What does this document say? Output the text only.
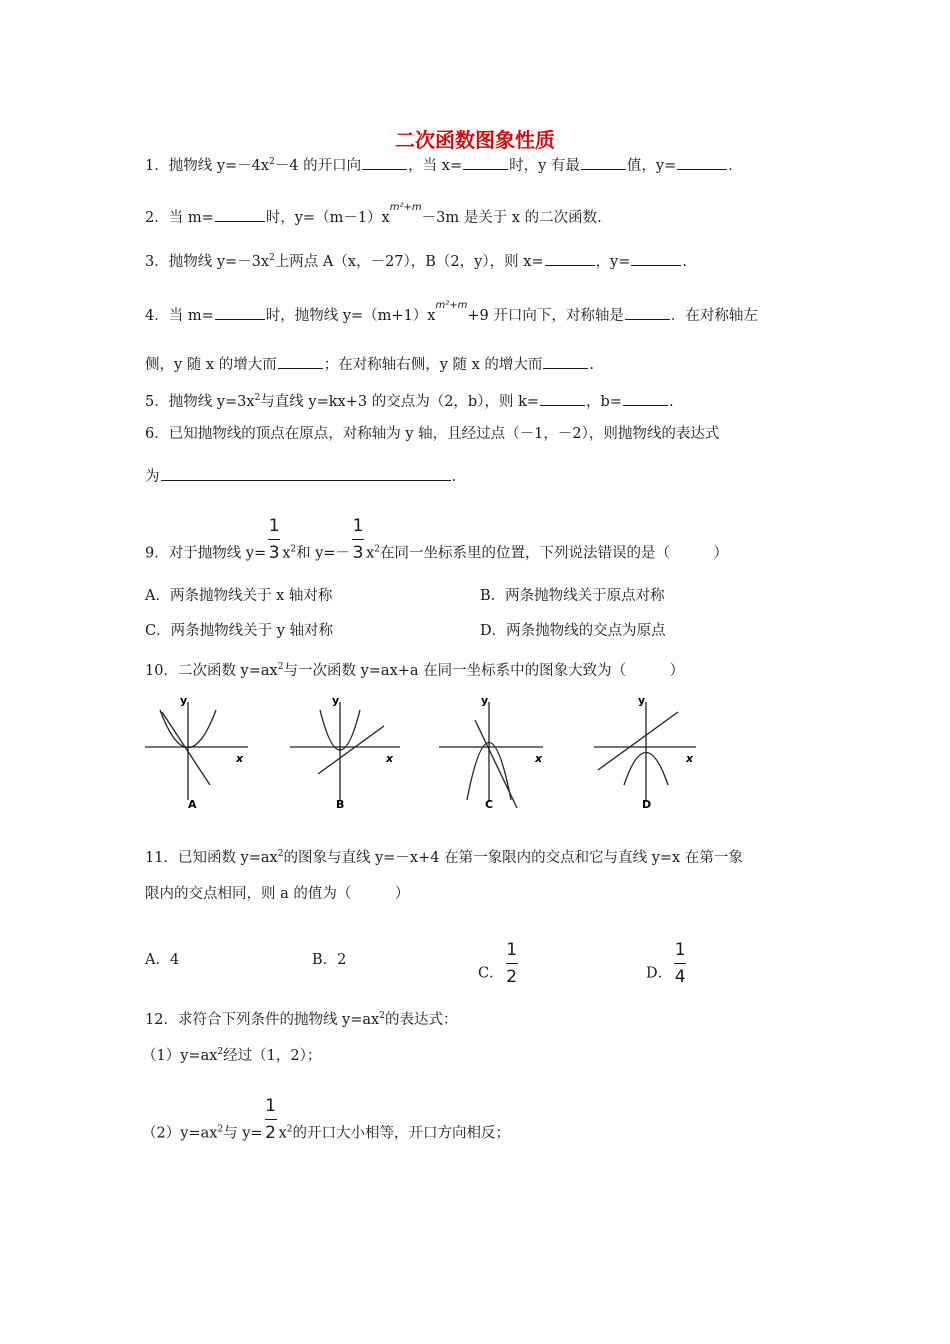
二次函数图象性质
1．抛物线 $y=-4x^2-4$ 的开口向	，当 x=	时，y 有最	值，y=	．
2．当 m=	时，$y=(m-1)x^{m^2+m}-3m$ 是关于 x 的二次函数.
3．抛物线 $y=-3x^2$上两点 A（x，－27），B（2，y），则 x=	，y=	.
4．当 m=	时，抛物线 $y=(m+1)x^{m^2+m}+9$ 开口向下，对称轴是	．在对称轴左
侧，y 随 x 的增大而	；在对称轴右侧，y 随 x 的增大而	.
5．抛物线 $y=3x^2$与直线 y=kx+3 的交点为（2，b），则 k=	，b=	.
6．已知抛物线的顶点在原点，对称轴为 y 轴，且经过点（－1，－2），则抛物线的表达式
为	.
9．对于抛物线 $y= \frac{1}{3} x^2$和 $y=- \frac{1}{3} x^2$在同一坐标系里的位置，下列说法错误的是（　　　）
A．两条抛物线关于 x 轴对称	B．两条抛物线关于原点对称
C．两条抛物线关于 y 轴对称	D．两条抛物线的交点为原点
10．二次函数 $y=ax^2$与一次函数 y=ax+a 在同一坐标系中的图象大致为（　　　）
y
x
A
y
x
B
y
x
C
y
x
D
11．已知函数 $y=ax^2$的图象与直线 y=－x+4 在第一象限内的交点和它与直线 y=x 在第一象
限内的交点相同，则 a 的值为（　　　）
A．4	B．2
C． $\frac{1}{2}$	D． $\frac{1}{4}$
12．求符合下列条件的抛物线 $y=ax^2$的表达式：
$(1)y=ax^2$经过（1，2）；
$(2)y=ax^2$与 $y= \frac{1}{2} x^2$的开口大小相等，开口方向相反；
